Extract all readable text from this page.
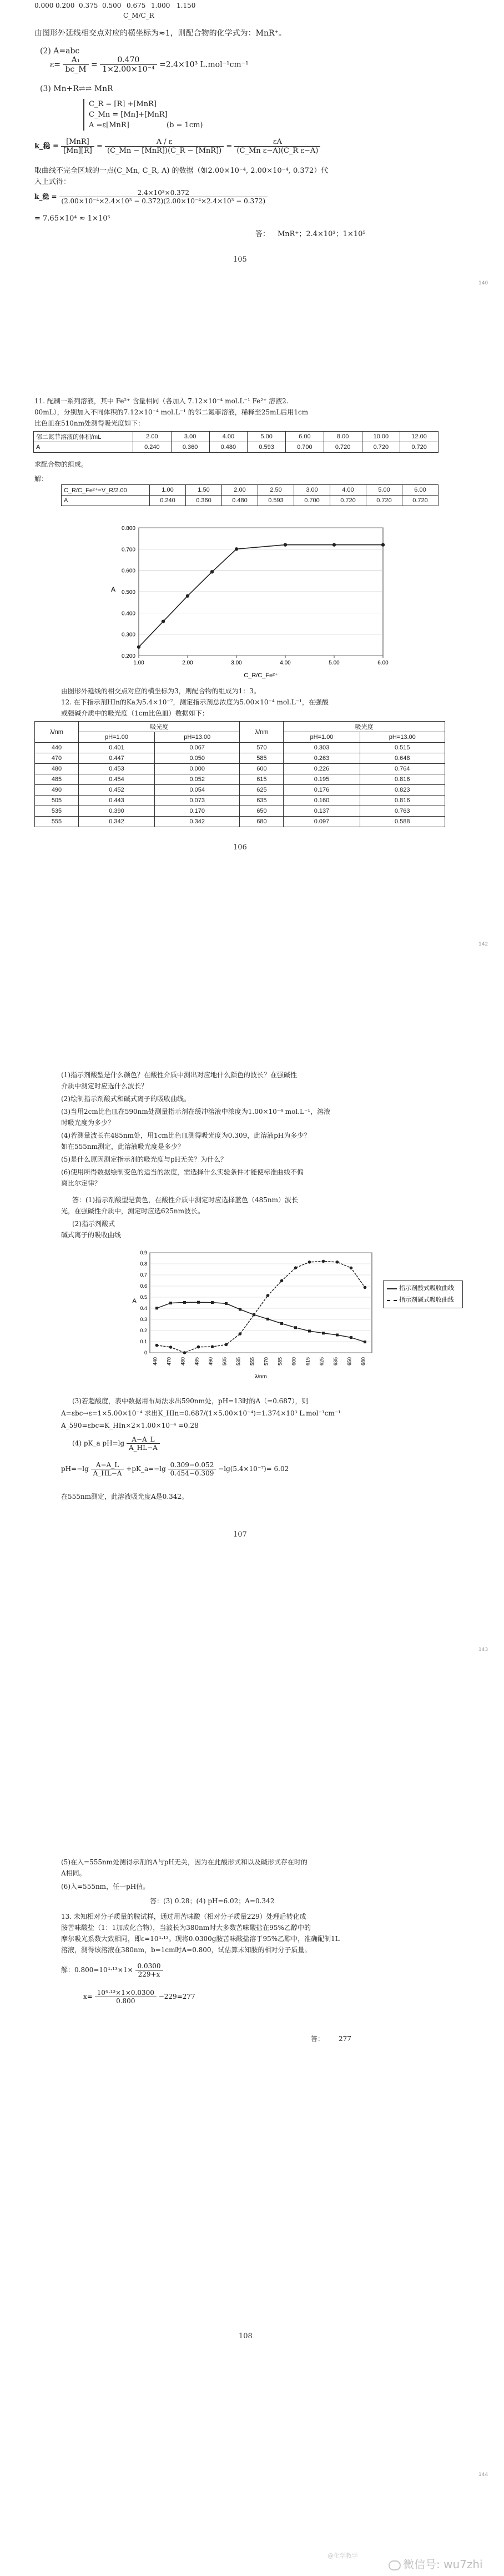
0.000 0.200 0.375 0.500 0.675 1.000 1.150
C_M/C_R
由图形外延线相交点对应的横坐标为≈1，则配合物的化学式为：MnR⁺。
(2) A=abc
$\varepsilon= \frac{\text{A₁}}{bc\_M} = \frac{0.470}{\text{1×2.00×10⁻⁴}} =2.4\times 10^3$ L.mol⁻¹cm⁻¹
(3) Mn+R⇌⇌ MnR
C_R = [R] +[MnR]
C_Mn = [Mn]+[MnR]
A =ε[MnR]	(b = 1cm)
k_稳 = $\frac{\text{[MnR]}}{[Mn][R]} = \frac{A / \varepsilon}{\text{(C\_Mn − [MnR])(C\_R − [MnR])}} = \frac{\varepsilon A}{\text{(C\_Mn ε−A)(C\_R ε−A)}}$
取曲线不完全区域的一点(C_Mn, C_R, A) 的数据（如2.00×10⁻⁴, 2.00×10⁻⁴, 0.372）代
入上式得：
k_稳 = $\frac{\text{2.4×10³×0.372}}{\text{(2.00×10⁻⁴×2.4×10³ − 0.372)(2.00×10⁻⁴×2.4×10³ − 0.372)}}$
= 7.65×10⁴ ≈ 1×10⁵
答： MnR⁺；2.4×10³；1×10⁵
105
140
11. 配制一系列溶液，其中 Fe²⁺ 含量相同（各加入 7.12×10⁻⁴ mol.L⁻¹ Fe²⁺ 溶液2.
00mL），分别加入不同体积的7.12×10⁻⁴ mol.L⁻¹ 的邻二氮菲溶液，稀释至25mL后用1cm
比色皿在510nm处测得吸光度如下：
邻二氮菲溶液的体积/mL	2.00	3.00	4.00	5.00	6.00	8.00	10.00	12.00
A	0.240	0.360	0.480	0.593	0.700	0.720	0.720	0.720
求配合物的组成。
解：
C_R/C_Fe²⁺=V_R/2.00	1.00	1.50	2.00	2.50	3.00	4.00	5.00	6.00
A	0.240	0.360	0.480	0.593	0.700	0.720	0.720	0.720
0.200
0.300
0.400
0.500
0.600
0.700
0.800
1.00	2.00	3.00	4.00	5.00	6.00
C_R/C_Fe²⁺
A
由图形外延线的相交点对应的横坐标为3，则配合物的组成为1：3。
12. 在下指示剂HIn的Ka为5.4×10⁻⁷，测定指示剂总浓度为5.00×10⁻⁴ mol.L⁻¹，在强酸
或强碱介质中的吸光度（1cm比色皿）数据如下：
λ/nm	吸光度		λ/nm	吸光度	
	pH=1.00	pH=13.00		pH=1.00	pH=13.00
440	0.401	0.067	570	0.303	0.515
470	0.447	0.050	585	0.263	0.648
480	0.453	0.000	600	0.226	0.764
485	0.454	0.052	615	0.195	0.816
490	0.452	0.054	625	0.176	0.823
505	0.443	0.073	635	0.160	0.816
535	0.390	0.170	650	0.137	0.763
555	0.342	0.342	680	0.097	0.588
106
142
(1)指示剂酸型是什么颜色？在酸性介质中测出对应地什么颜色的波长？在强碱性
介质中测定时应选什么波长？
(2)绘制指示剂酸式和碱式离子的吸收曲线。
(3)当用2cm比色皿在590nm处测量指示剂在缓冲溶液中浓度为1.00×10⁻⁴ mol.L⁻¹，溶液
时吸光度为多少？
(4)若测量波长在485nm处，用1cm比色皿测得吸光度为0.309，此溶液pH为多少？
如在555nm测定，此溶液吸光度是多少？
(5)是什么原因测定指示剂的吸光度与pH无关？为什么？
(6)使用所得数据绘制变色的适当的浓度，需选择什么实验条件才能使标准曲线不偏
离比尔定律？
答：(1)指示剂酸型是黄色，在酸性介质中测定时应选择蓝色（485nm）波长
光，在强碱性介质中，测定时应选625nm波长。
(2)指示剂酸式
碱式离子的吸收曲线
0
0.1
0.2
0.3
0.4
0.5
0.6
0.7
0.8
0.9
440 470 480 485 490 505 535 555 570 585 600 615 625 635 650 680
λ/nm
A
指示剂酸式吸收曲线
指示剂碱式吸收曲线
(3)若超酸度，表中数据用布局法求出590nm处，pH=13时的A（=0.687），则
A=εbc→ε=1×5.00×10⁻⁴ 求出K_HIn=0.687/(1×5.00×10⁻⁴)=1.374×10³ L.mol⁻¹cm⁻¹
A_590=εbc=K_HIn×2×1.00×10⁻⁴ =0.28
(4) pK_a $pH=\lg \frac{A-A\_L}{A\_HL-A}$
$pH=-\lg \frac{A-A\_L}{A\_HL-A}$ +pK_a=−lg $\frac{0.309-0.052}{0.454-0.309} -\lg(5.4\times 10^{-7})= 6.02$
在555nm测定，此溶液吸光度A是0.342。
107
143
(5)在入=555nm处测得示剂的A与pH无关，因为在此酸形式和以及碱形式存在时的
A相同。
(6)入=555nm，任一pH值。
答：(3) 0.28；(4) pH=6.02；A=0.342
13. 未知相对分子质量的胺试样，通过用苦味酸（相对分子质量229）处理后转化成
胺苦味酸盐（1：1加成化合物），当波长为380nm时大多数苦味酸盐在95%乙醇中的
摩尔吸光系数大致相同，即ε=10⁴·¹³。现将0.0300g胺苦味酸盐溶于95%乙醇中，准确配制1L
溶液，测得该溶液在380nm，b=1cm时A=0.800，试估算未知胺的相对分子质量。
解：$0.800=10^4\cdot^{13}\times 1\times \frac{0.0300}{229+x}$
$x= \frac{\text{10⁴·¹³×1×0.0300}}{0.800} -229=277$
答： 277
108
144
@化学教学
微信号: wu7zhi
